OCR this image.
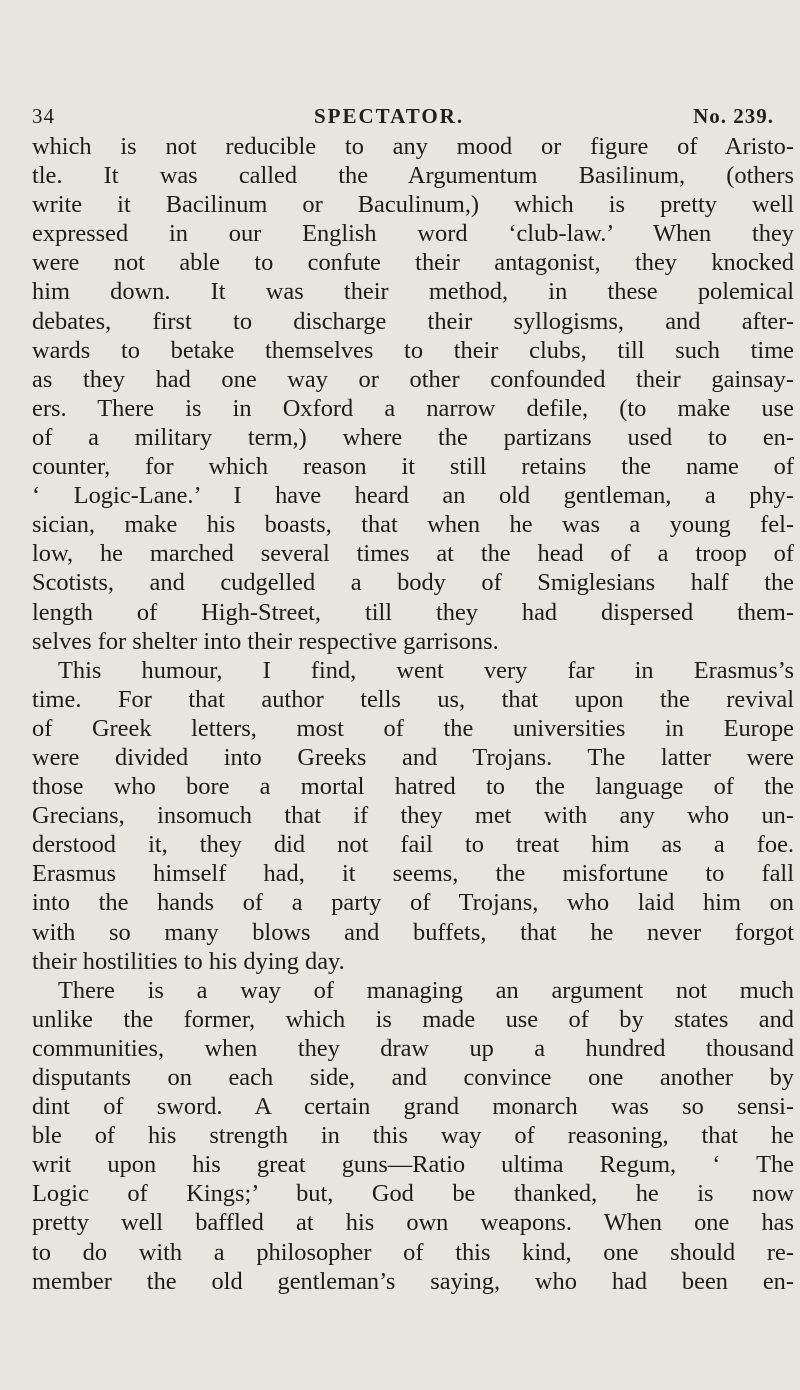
34	SPECTATOR.	No. 239.
which is not reducible to any mood or figure of Aristo-
tle. It was called the Argumentum Basilinum, (others
write it Bacilinum or Baculinum,) which is pretty well
expressed in our English word ‘club-law.’ When they
were not able to confute their antagonist, they knocked
him down. It was their method, in these polemical
debates, first to discharge their syllogisms, and after-
wards to betake themselves to their clubs, till such time
as they had one way or other confounded their gainsay-
ers. There is in Oxford a narrow defile, (to make use
of a military term,) where the partizans used to en-
counter, for which reason it still retains the name of
‘ Logic-Lane.’ I have heard an old gentleman, a phy-
sician, make his boasts, that when he was a young fel-
low, he marched several times at the head of a troop of
Scotists, and cudgelled a body of Smiglesians half the
length of High-Street, till they had dispersed them-
selves for shelter into their respective garrisons.
This humour, I find, went very far in Erasmus’s
time. For that author tells us, that upon the revival
of Greek letters, most of the universities in Europe
were divided into Greeks and Trojans. The latter were
those who bore a mortal hatred to the language of the
Grecians, insomuch that if they met with any who un-
derstood it, they did not fail to treat him as a foe.
Erasmus himself had, it seems, the misfortune to fall
into the hands of a party of Trojans, who laid him on
with so many blows and buffets, that he never forgot
their hostilities to his dying day.
There is a way of managing an argument not much
unlike the former, which is made use of by states and
communities, when they draw up a hundred thousand
disputants on each side, and convince one another by
dint of sword. A certain grand monarch was so sensi-
ble of his strength in this way of reasoning, that he
writ upon his great guns—Ratio ultima Regum, ‘ The
Logic of Kings;’ but, God be thanked, he is now
pretty well baffled at his own weapons. When one has
to do with a philosopher of this kind, one should re-
member the old gentleman’s saying, who had been en-
